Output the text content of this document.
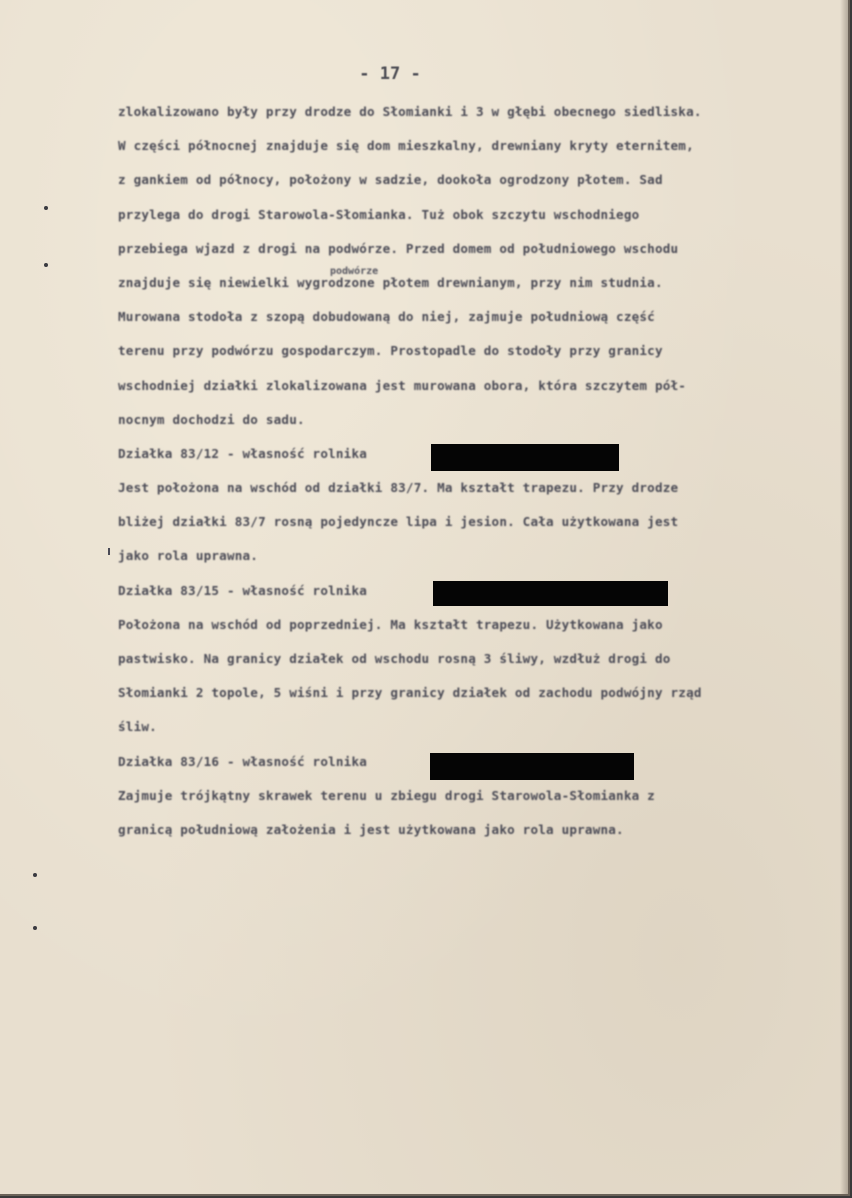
- 17 -
podwórze
zlokalizowano były przy drodze do Słomianki i 3 w głębi obecnego siedliska.
W części północnej znajduje się dom mieszkalny, drewniany kryty eternitem,
z gankiem od północy, położony w sadzie, dookoła ogrodzony płotem. Sad
przylega do drogi Starowola-Słomianka. Tuż obok szczytu wschodniego
przebiega wjazd z drogi na podwórze. Przed domem od południowego wschodu
znajduje się niewielki wygrodzone płotem drewnianym, przy nim studnia.
Murowana stodoła z szopą dobudowaną do niej, zajmuje południową część
terenu przy podwórzu gospodarczym. Prostopadle do stodoły przy granicy
wschodniej działki zlokalizowana jest murowana obora, która szczytem pół-
nocnym dochodzi do sadu.
Działka 83/12 - własność rolnika
Jest położona na wschód od działki 83/7. Ma kształt trapezu. Przy drodze
bliżej działki 83/7 rosną pojedyncze lipa i jesion. Cała użytkowana jest
jako rola uprawna.
Działka 83/15 - własność rolnika
Położona na wschód od poprzedniej. Ma kształt trapezu. Użytkowana jako
pastwisko. Na granicy działek od wschodu rosną 3 śliwy, wzdłuż drogi do
Słomianki 2 topole, 5 wiśni i przy granicy działek od zachodu podwójny rząd
śliw.
Działka 83/16 - własność rolnika
Zajmuje trójkątny skrawek terenu u zbiegu drogi Starowola-Słomianka z
granicą południową założenia i jest użytkowana jako rola uprawna.
